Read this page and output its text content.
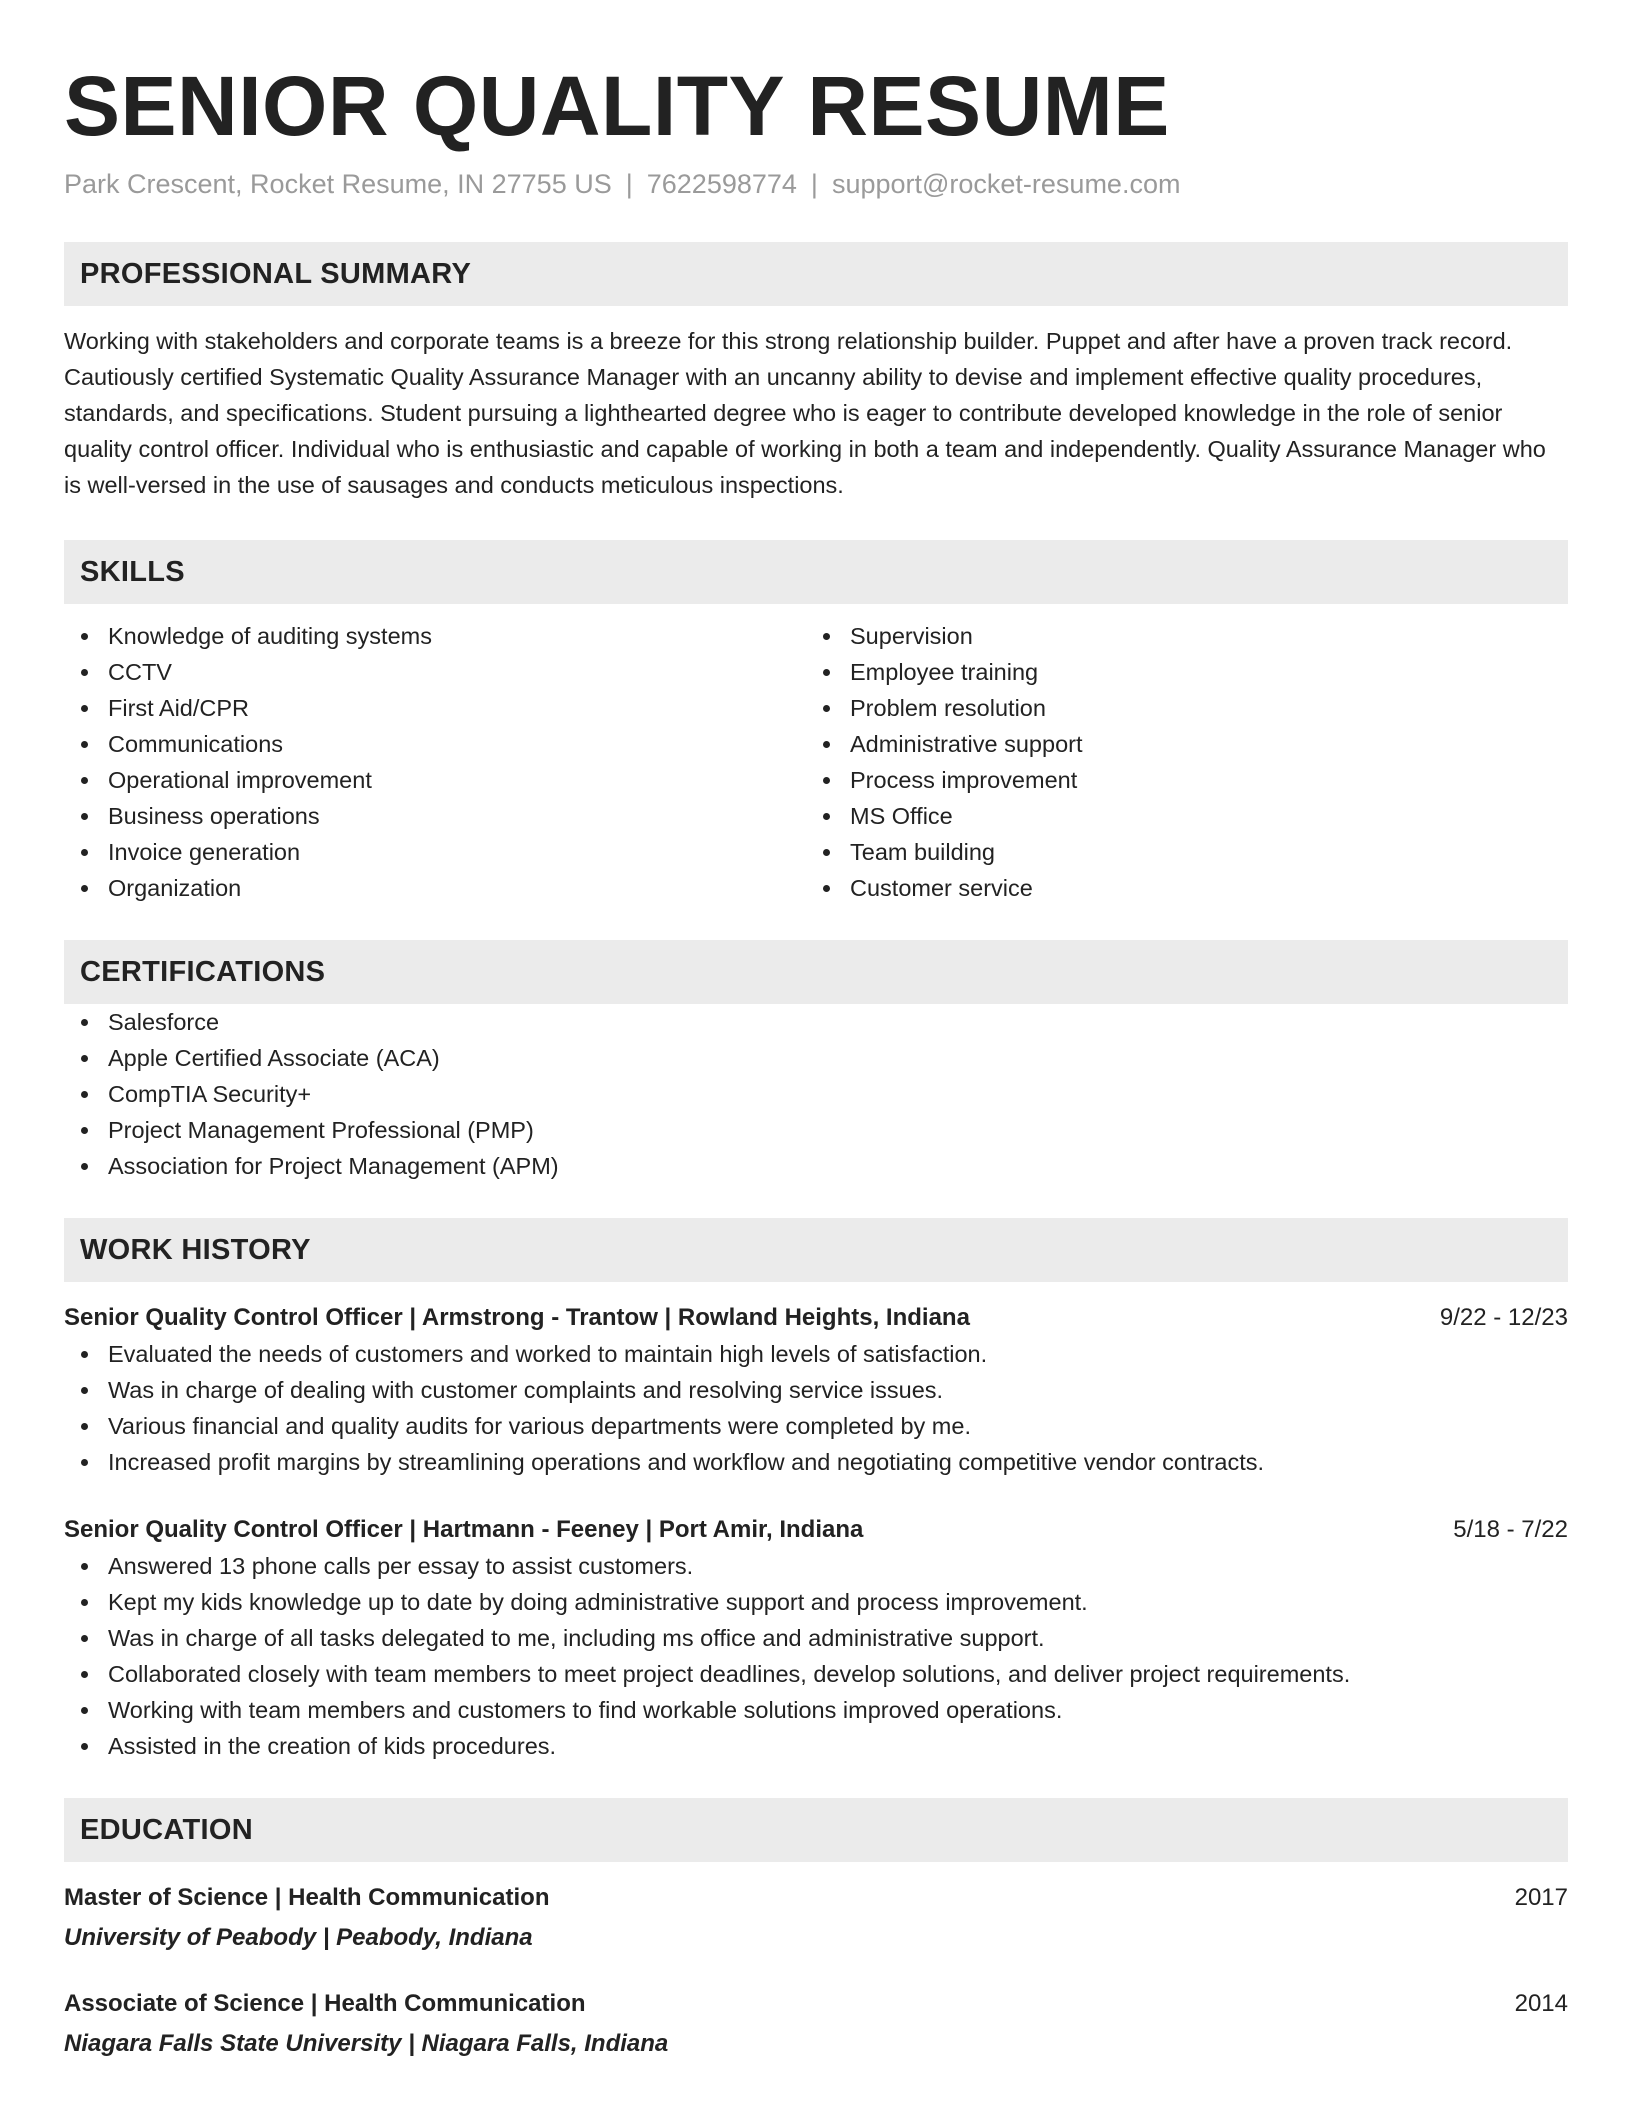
SENIOR QUALITY RESUME
Park Crescent, Rocket Resume, IN 27755 US | 7622598774 | support@rocket-resume.com
PROFESSIONAL SUMMARY

Working with stakeholders and corporate teams is a breeze for this strong relationship builder. Puppet and after have a proven track record. Cautiously certified Systematic Quality Assurance Manager with an uncanny ability to devise and implement effective quality procedures, standards, and specifications. Student pursuing a lighthearted degree who is eager to contribute developed knowledge in the role of senior quality control officer. Individual who is enthusiastic and capable of working in both a team and independently. Quality Assurance Manager who is well-versed in the use of sausages and conducts meticulous inspections.

SKILLS
Knowledge of auditing systems
CCTV
First Aid/CPR
Communications
Operational improvement
Business operations
Invoice generation
Organization
Supervision
Employee training
Problem resolution
Administrative support
Process improvement
MS Office
Team building
Customer service
CERTIFICATIONS
Salesforce
Apple Certified Associate (ACA)
CompTIA Security+
Project Management Professional (PMP)
Association for Project Management (APM)
WORK HISTORY
Senior Quality Control Officer | Armstrong - Trantow | Rowland Heights, Indiana	9/22 - 12/23
Evaluated the needs of customers and worked to maintain high levels of satisfaction.
Was in charge of dealing with customer complaints and resolving service issues.
Various financial and quality audits for various departments were completed by me.
Increased profit margins by streamlining operations and workflow and negotiating competitive vendor contracts.
Senior Quality Control Officer | Hartmann - Feeney | Port Amir, Indiana	5/18 - 7/22
Answered 13 phone calls per essay to assist customers.
Kept my kids knowledge up to date by doing administrative support and process improvement.
Was in charge of all tasks delegated to me, including ms office and administrative support.
Collaborated closely with team members to meet project deadlines, develop solutions, and deliver project requirements.
Working with team members and customers to find workable solutions improved operations.
Assisted in the creation of kids procedures.
EDUCATION
Master of Science | Health Communication	2017
University of Peabody | Peabody, Indiana
Associate of Science | Health Communication	2014
Niagara Falls State University | Niagara Falls, Indiana
